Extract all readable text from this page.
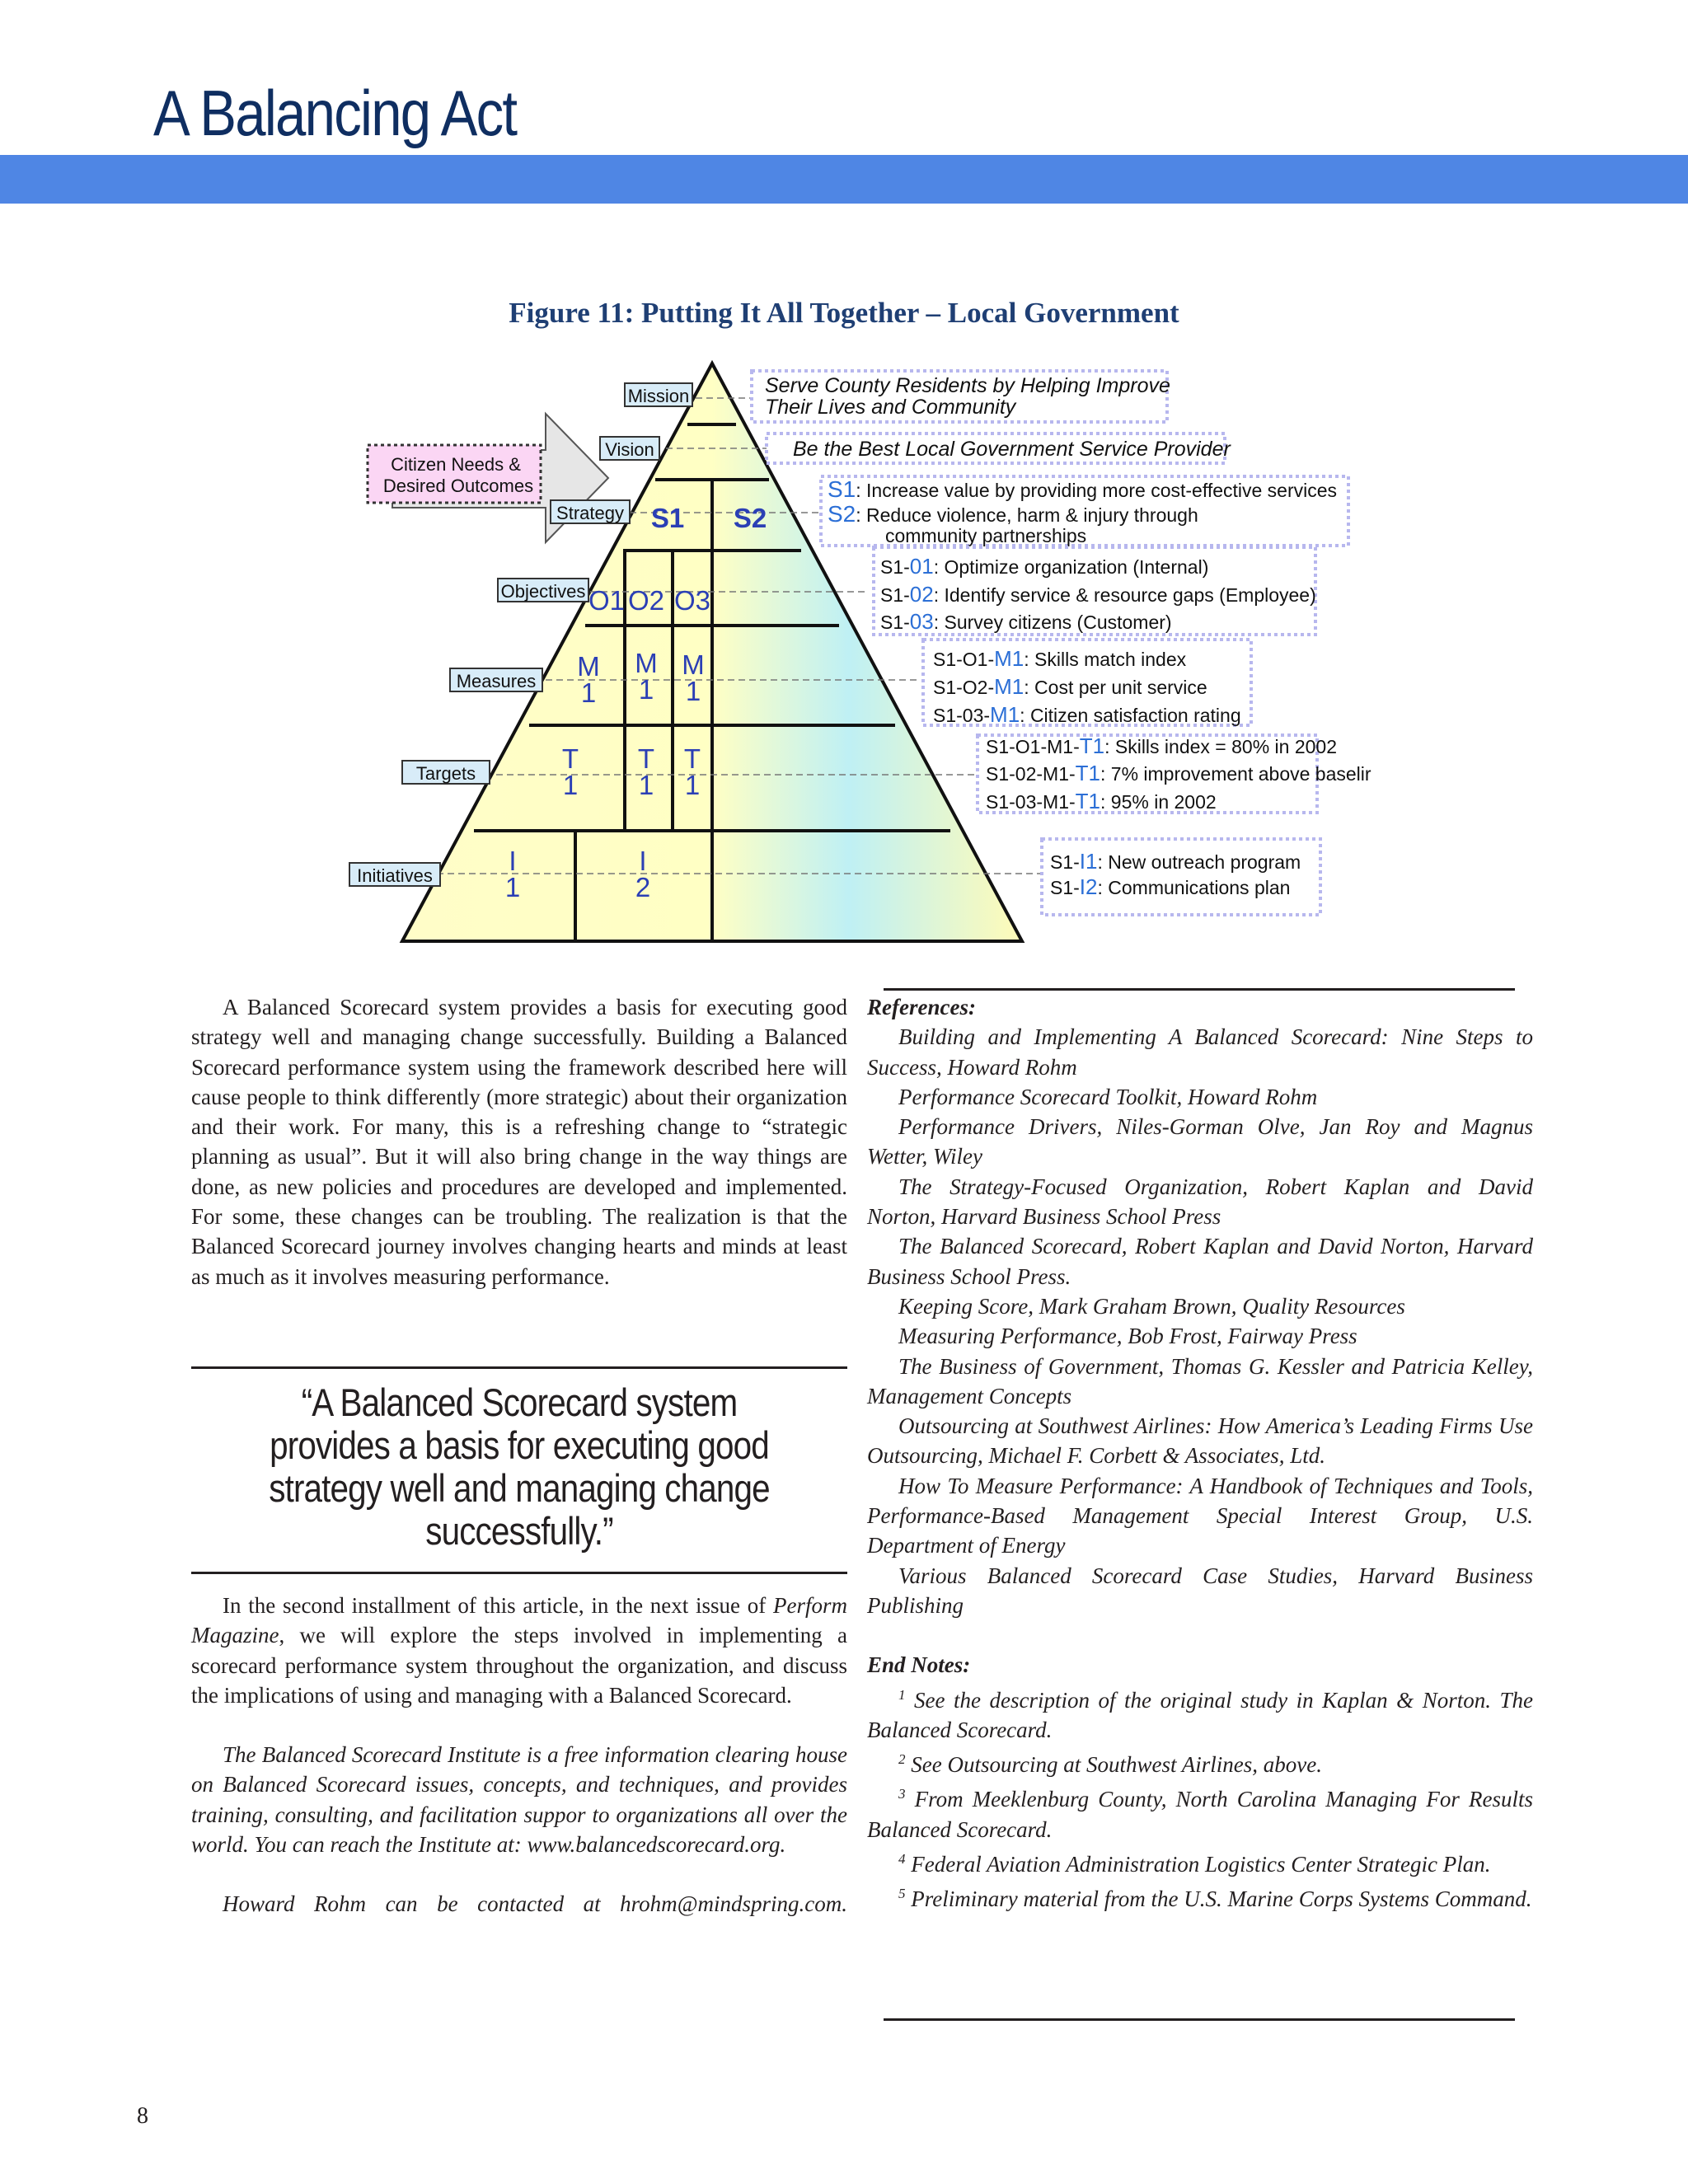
A Balancing Act
Figure 11: Putting It All Together – Local Government
Citizen Needs &
Desired Outcomes
Mission
Vision
Strategy
Objectives
Measures
Targets
Initiatives
S1 S2
O1 O2 O3
M
1
M
1
M
1
T
1
T
1
T
1
I
1
I
2
Serve County Residents by Helping Improve
Their Lives and Community
Be the Best Local Government Service Provider
S1: Increase value by providing more cost-effective services
S2: Reduce violence, harm & injury through
community partnerships
S1-01: Optimize organization (Internal)
S1-02: Identify service & resource gaps (Employee)
S1-03: Survey citizens (Customer)
S1-O1-M1: Skills match index
S1-O2-M1: Cost per unit service
S1-03-M1: Citizen satisfaction rating
S1-O1-M1-T1: Skills index = 80% in 2002
S1-02-M1-T1: 7% improvement above baselir
S1-03-M1-T1: 95% in 2002
S1-I1: New outreach program
S1-I2: Communications plan

A Balanced Scorecard system provides a basis for executing good strategy well and managing change successfully. Building a Balanced Scorecard performance system using the framework described here will cause people to think differently (more strategic) about their organization and their work. For many, this is a refreshing change to “strategic planning as usual”. But it will also bring change in the way things are done, as new policies and procedures are developed and implemented. For some, these changes can be troubling. The realization is that the Balanced Scorecard journey involves changing hearts and minds at least as much as it involves measuring performance.

“A Balanced Scorecard system provides a basis for executing good strategy well and managing change successfully.”

In the second installment of this article, in the next issue of Perform Magazine, we will explore the steps involved in implementing a scorecard performance system throughout the organization, and discuss the implications of using and managing with a Balanced Scorecard.

The Balanced Scorecard Institute is a free information clearing house on Balanced Scorecard issues, concepts, and techniques, and provides training, consulting, and facilitation suppor to organizations all over the world. You can reach the Institute at: www.balancedscorecard.org.

Howard Rohm can be contacted at hrohm@mindspring.com.

References:

Building and Implementing A Balanced Scorecard: Nine Steps to Success, Howard Rohm

Performance Scorecard Toolkit, Howard Rohm

Performance Drivers, Niles-Gorman Olve, Jan Roy and Magnus Wetter, Wiley

The Strategy-Focused Organization, Robert Kaplan and David Norton, Harvard Business School Press

The Balanced Scorecard, Robert Kaplan and David Norton, Harvard Business School Press.

Keeping Score, Mark Graham Brown, Quality Resources

Measuring Performance, Bob Frost, Fairway Press

The Business of Government, Thomas G. Kessler and Patricia Kelley, Management Concepts

Outsourcing at Southwest Airlines: How America’s Leading Firms Use Outsourcing, Michael F. Corbett & Associates, Ltd.

How To Measure Performance: A Handbook of Techniques and Tools, Performance-Based Management Special Interest Group, U.S. Department of Energy

Various Balanced Scorecard Case Studies, Harvard Business Publishing

End Notes:

$^1$ See the description of the original study in Kaplan & Norton. The Balanced Scorecard.

$^2$ See Outsourcing at Southwest Airlines, above.

$^3$ From Meeklenburg County, North Carolina Managing For Results Balanced Scorecard.

$^4$ Federal Aviation Administration Logistics Center Strategic Plan.

$^5$ Preliminary material from the U.S. Marine Corps Systems Command.

8
